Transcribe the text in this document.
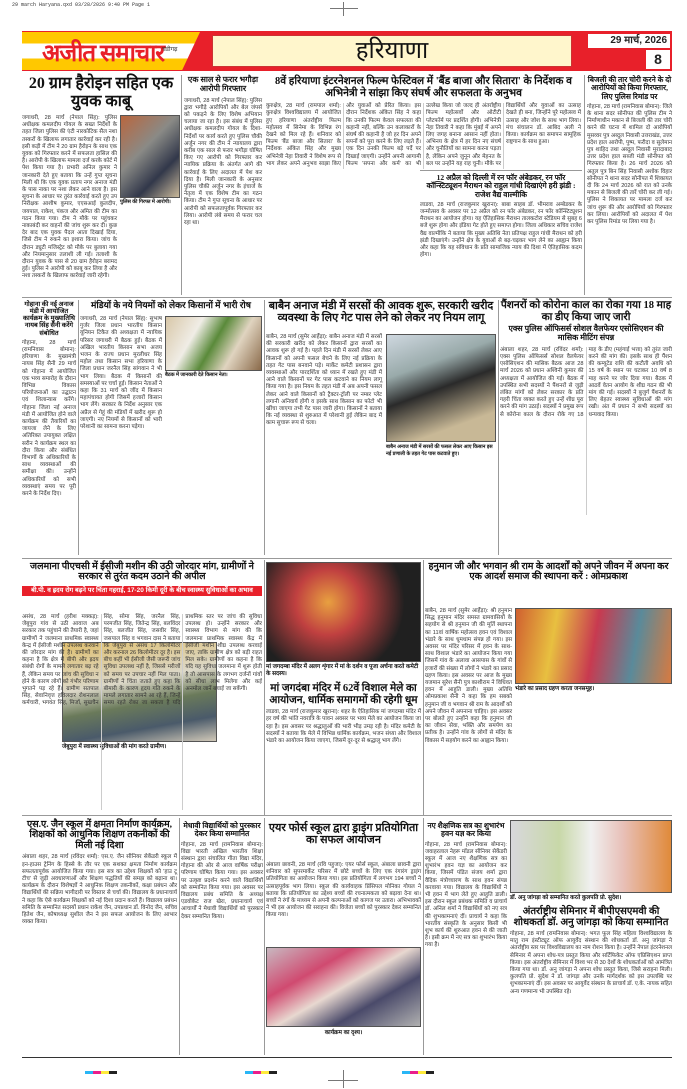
29 march Haryana.qxd 03/28/2026 9:40 PM Page 1
अजीत समाचार
चंडीगढ़	हरियाणा	29 मार्च, 2026
8
20 ग्राम हैरोइन सहित एक युवक काबू
पुलिस की गिरफ्त में आरोपी।
जगाधरी, 28 मार्च (नेपाल सिंह): पुलिस अधीक्षक कमलदीप गोयल के सख्त निर्देशों के तहत जिला पुलिस की एंटी नारकोटिक सैल नशा तस्करों के खिलाफ लगातार कार्रवाई कर रही है। इसी कड़ी में टीम ने 20 ग्राम हैरोइन के साथ एक युवक को गिरफ्तार करने में सफलता हासिल की है। आरोपी के खिलाफ मामला दर्ज करके कोर्ट में पेश किया गया है। प्रभारी अनिल कुमार ने जानकारी देते हुए बताया कि उन्हें गुप्त सूचना मिली थी कि एक युवक प्रताप नगर अनाज मंडी के पास नाका पर नशा लेकर आने वाला है। इस सूचना के आधार पर तुरंत कार्रवाई करते हुए उप निरीक्षक आशीष कुमार, एएसआई कुलदीप, जयपाल, राकेश, पंकज और अमित की टीम का गठन किया गया। टीम ने मौके पर पहुंचकर नाकाबंदी कर वाहनों की जांच शुरू कर दी। कुछ देर बाद एक युवक पैदल आता दिखाई दिया, जिसे टीम ने रुकने का इशारा किया। जांच के दौरान ड्यूटी मजिस्ट्रेट को मौके पर बुलाया गया और नियमानुसार तलाशी ली गई। तलाशी के दौरान युवक के पास से 20 ग्राम हैरोइन बरामद हुई। पुलिस ने आरोपी को काबू कर लिया है और नशा तस्करों के खिलाफ कार्रवाई जारी रहेगी।
एक साल से फरार भगौड़ा आरोपी गिरफ्तार
जगाधरी, 28 मार्च (नेपाल सिंह): पुलिस द्वारा भगौड़े आरोपियों और बेल जंपर्स को पकड़ने के लिए विशेष अभियान चलाया जा रहा है। इस संबंध में पुलिस अधीक्षक कमलदीप गोयल के दिशा-निर्देशों पर कार्य करते हुए पुलिस चौकी अर्जुन नगर की टीम ने न्यायालय द्वारा करीब एक साल से फरार भगौड़ा घोषित किए गए आरोपी को गिरफ्तार कर न्यायिक प्रक्रिया के अंतर्गत आगे की कार्रवाई के लिए अदालत में पेश कर दिया है। मिली जानकारी के अनुसार पुलिस चौकी अर्जुन नगर के इंचार्ज के नेतृत्व में एक विशेष टीम का गठन किया। टीम ने गुप्त सूचना के आधार पर आरोपी को सफलतापूर्वक गिरफ्तार कर लिया। आरोपी लंबे समय से फरार चल रहा था।
8वें हरियाणा इंटरनेशनल फिल्म फेस्टिवल में 'बैंड बाजा और सितारा' के निर्देशक व अभिनेत्री ने सांझा किए संघर्ष और सफलता के अनुभव
कुरुक्षेत्र, 28 मार्च (रामपाल शर्मा): कुरुक्षेत्र विश्वविद्यालय में आयोजित हुए हरियाणा अंतर्राष्ट्रीय फिल्म महोत्सव में सिनेमा के विभिन्न रंग देखने को मिल रहे हैं। शनिवार को फिल्म 'बैंड बाजा और सितारा' के निर्देशक अंकित सिंह और मुख्य अभिनेत्री नेहा तिवारी ने विशेष रूप से भाग लेकर अपने अनुभव साझा किए और युवाओं को प्रेरित किया। इस दौरान निर्देशक अंकित सिंह ने कहा कि उनकी फिल्म केवल सफलता की कहानी नहीं, बल्कि उन कलाकारों के संघर्ष की कहानी है जो हर दिन अपने सपनों को पूरा करने के लिए लड़ते हैं। एक दिन उनकी फिल्म बड़े पर्दे पर दिखाई जाएगी। उन्होंने अपनी आगामी फिल्म 'सपना और कर्म' का भी उल्लेख किया जो जल्द ही अंतर्राष्ट्रीय फिल्म महोत्सवों और ओटीटी प्लेटफॉर्म पर प्रदर्शित होगी। अभिनेत्री नेहा तिवारी ने कहा कि मुंबई में अपने लिए जगह बनाना आसान नहीं होता। अभिनय के क्षेत्र में हर दिन नए संघर्ष और चुनौतियों का सामना करना पड़ता है, लेकिन अपने जुनून और मेहनत के बल पर उन्होंने यह राह चुनी। मौके पर विद्यार्थियों और युवाओं का उत्साह देखते ही बना, जिन्होंने पूरे महोत्सव में उत्साह और जोश के साथ भाग लिया। मंच संचालन डॉ. आबिद अली ने किया। कार्यक्रम का समापन सामूहिक राष्ट्रगान के साथ हुआ।
12 अप्रैल को दिल्ली में रन फॉर अंबेडकर, रन फॉर कॉन्स्टिट्यूशन मैराथन को राहुल गांधी दिखाएंगे हरी झंडी : राजेश वैद्य वाल्मीकि
लाडवा, 28 मार्च (राजकुमार खुराना): बाबा साहब डॉ. भीमराव अम्बेडकर के जन्मोत्सव के अवसर पर 12 अप्रैल को रन फॉर अंबेडकर, रन फॉर कॉन्स्टिट्यूशन मैराथन का आयोजन होगा। यह ऐतिहासिक मैराथन तालकटोरा स्टेडियम से सुबह 6 बजे शुरू होगा और इंडिया गेट होते हुए समाप्त होगा। जिला अधिकार सचिव राजेश वैद्य वाल्मीकि ने बताया कि मुख्य अतिथि नेता प्रतिपक्ष राहुल गांधी मैराथन को हरी झंडी दिखाएंगे। उन्होंने क्षेत्र के युवाओं से बढ़-चढ़कर भाग लेने का आह्वान किया और कहा कि यह संविधान के प्रति सामाजिक न्याय की दिशा में ऐतिहासिक कदम होगा।
बिजली की तार चोरी करने के दो आरोपियों को किया गिरफ्तार, लिए पुलिस रिमांड पर
गोहाना, 28 मार्च (रामनिवास बोमान): जिले के थाना सदर सोनीपत की पुलिस टीम ने निर्माणाधीन मकान से बिजली की तार चोरी करने की घटना में शामिल दो आरोपियों मुसव्वर पुत्र अब्दुल निवासी उत्तराखंड, उत्तर प्रदेश हाल आरोपी, पुष्प, फरीदा व सुलेमान पुत्र शाहिद तथा अब्दुल निवासी मुरादाबाद उत्तर प्रदेश हाल सब्जी मंडी सोनीपत को गिरफ्तार किया है। 26 मार्च 2026 को अतुल पुत्र बिन सिंह निवासी अशोक विहार सोनीपत ने थाना सदर सोनीपत में शिकायत दी कि 24 मार्च 2026 को रात को उनके मकान से बिजली की तारें चोरी कर ली गई। पुलिस ने शिकायत पर मामला दर्ज कर जांच शुरू की और आरोपियों को गिरफ्तार कर लिया। आरोपियों को अदालत में पेश कर पुलिस रिमांड पर लिया गया है।
गोहाना की नई अनाज मंडी में आयोजित कार्यक्रम के मुख्यातिथि नायब सिंह सैनी करेंगे संबोधित
गोहाना, 28 मार्च (रामनिवास बोमान): हरियाणा के मुख्यमंत्री नायब सिंह सैनी 29 मार्च को गोहाना में आयोजित एक भव्य समारोह के दौरान विभिन्न विकास परियोजनाओं का उद्घाटन एवं शिलान्यास करेंगे। गोहाना जिला नई अनाज मंडी में आयोजित होने वाले कार्यक्रम की तैयारियों का जायजा लेने के लिए अतिरिक्त उपायुक्त लक्षित सरीन ने कार्यक्रम स्थल का दौरा किया और संबंधित विभागों के अधिकारियों के साथ व्यवस्थाओं की समीक्षा की। उन्होंने अधिकारियों को सभी व्यवस्थाएं समय पर पूरी करने के निर्देश दिए।
मंडियों के नये नियमों को लेकर किसानों में भारी रोष
बैठक में जानकारी देते किसान नेता।
जगाधरी, 28 मार्च (नेपाल सिंह): सुभाष गुर्जर जिला प्रधान भारतीय किसान यूनियन टिकैत की अध्यक्षता में न्यायिक परिसर जगाधरी में बैठक हुई। बैठक में अखिल भारतीय किसान सभा अजय भजन के राज्य प्रधान मुरलीधर सिंह महोल तथा किसान सभा हरियाणा के जिला प्रधान जरनैल सिंह सांगवान ने भी भाग लिया। बैठक में किसानों की समस्याओं पर चर्चा हुई। किसान नेताओं ने कहा कि 31 मार्च को जींद में किसान महापंचायत होगी जिसमें हजारों किसान भाग लेंगे। सरकार के निर्देश अनुसार एक अप्रैल से गेहूं की मंडियों में खरीद शुरू हो जाएगी। नए नियमों से किसानों को भारी परेशानी का सामना करना पड़ेगा।
बाबैन अनाज मंडी में सरसों की आवक शुरू, सरकारी खरीद व्यवस्था के लिए गेट पास लेने को लेकर नए नियम लागू
बाबैन अनाज मंडी में सरसों की फसल लेकर आए किसान इस नई प्रणाली के तहत गेट पास कटवाते हुए।
बाबैन, 28 मार्च (सुमेर आर्हेड़ा): बाबैन अनाज मंडी में सरसों की सरकारी खरीद को लेकर किसानों द्वारा सरसों का आवक शुरू हो गई है। पहले दिन मंडी में सरसों लेकर आए किसानों को अपनी फसल बेचने के लिए नई प्रक्रिया के तहत गेट पास बनवाने पड़े। मार्केट कमेटी प्रशासन द्वारा व्यवस्थाओं और पारदर्शिता को ध्यान में रखते हुए मंडी में आने वाले किसानों पर गेट पास कटवाने का नियम लागू किया गया है। इस नियम के तहत मंडी में अब अपनी फसल लेकर आने वाले किसानों को ट्रैक्टर-ट्रॉली पर नम्बर प्लेट लगानी अनिवार्य होगी व इसके साथ किसान का फोटो भी खींचा जाएगा तभी गेट पास जारी होगा। किसानों ने बताया कि नई व्यवस्था से शुरुआत में परेशानी हुई लेकिन बाद में काम सुचारू रूप से चला।
पैंशनरों को कोरोना काल का रोका गया 18 माह का डीए किया जाए जारी
एक्स पुलिस ऑफिसर्स सोशल वैलफेयर एसोसिएशन की मासिक मीटिंग संपन्न
अंबाला शहर, 28 मार्च (रविंदर शर्मा): एक्स पुलिस ऑफिसर्स सोशल वैलफेयर एसोसिएशन की मासिक बैठक आज 28 मार्च 2026 को प्रधान अश्विनी कुमार की अध्यक्षता में आयोजित की गई। बैठक में उपस्थित सभी सदस्यों ने पैंशनरों से जुड़ी लंबित मांगों को लेकर सरकार के प्रति गहरी चिंता व्यक्त करते हुए उन्हें शीघ्र पूरा करने की मांग उठाई। सदस्यों ने प्रमुख रूप से कोरोना काल के दौरान रोके गए 18 माह के डीए (महंगाई भत्ता) को तुरंत जारी करने की मांग की। इसके साथ ही पैंशन की कम्यूटेड राशि की कटौती अवधि को 15 वर्ष के स्थान पर घटाकर 10 वर्ष 8 माह करने पर जोर दिया गया। बैठक में आठवें वेतन आयोग के शीघ्र गठन की भी मांग की गई। सदस्यों ने बुजुर्ग पैंशनरों के लिए बेहतर स्वास्थ्य सुविधाओं की मांग रखी। अंत में प्रधान ने सभी सदस्यों का धन्यवाद किया।
जलमाना पीएचसी में ईसीजी मशीन की उठी जोरदार मांग, ग्रामीणों ने सरकार से तुरंत कदम उठाने की अपील
बी.पी. व ह्रदय रोग बढ़ने पर चिंता गहराई, 17-20 किमी दूरी के बीच स्वास्थ्य सुविधाओं का अभाव
जेबुपुरा में स्वास्थ्य सुविधाओं की मांग करते ग्रामीण।
असंध, 28 मार्च (हरीश मक्कड़): जेबुपुरा गांव से उठी आवाज अब सरकार तक पहुंचाने की तैयारी है, जहां ग्रामीणों ने जलमाना प्राथमिक स्वास्थ्य केन्द्र में ईसीजी मशीन उपलब्ध करवाने की जोरदार मांग की है। ग्रामीणों का कहना है कि क्षेत्र में बीपी और ह्रदय संबंधी रोगों के मामले लगातार बढ़ रहे हैं, लेकिन समय पर जांच की सुविधा न होने के कारण लोगों को गंभीर परिणाम भुगतने पड़ रहे हैं। ग्रामीण सतपाल सिंह, सेवानिवृत्त हविलदार रोशनलाल कर्मचारी, भगवंत सिंह, मिर्जा, सुखचैन सिंह, सोमा सिंह, जरनैल सिंह, परमजीत सिंह, जितेन्द्र सिंह, बलविंदर सिंह, बलजीत सिंह, जसवीर सिंह, जसपाल सिंह व भगवान दास ने बताया कि जेबुपुरा से असंध 17 किलोमीटर और करनाल 26 किलोमीटर दूर है। इस बीच कहीं भी ईसीजी जैसी जरूरी जांच सुविधा उपलब्ध नहीं है, जिससे मरीजों को समय पर उपचार नहीं मिल पाता। ग्रामीणों ने चिंता जताते हुए कहा कि बीमारी के कारण हृदय गति रुकने के मामले लगातार सामने आ रहे हैं, जिन्हें समय रहते रोका जा सकता है यदि प्राथमिक स्तर पर जांच की सुविधा उपलब्ध हो। उन्होंने सरकार और स्वास्थ्य विभाग से मांग की कि जलमाना प्राथमिक स्वास्थ्य केंद्र में ईसीजी मशीन शीघ्र उपलब्ध करवाई जाए, ताकि ग्रामीण क्षेत्र को बड़ी राहत मिल सके। ग्रामीणों का कहना है कि यदि यह सुविधा जलमाना में शुरू होती है तो आसपास के लगभग दर्जनों गांवों को सीधा लाभ मिलेगा और कई अनमोल जानें बचाई जा सकेंगी।
मां जगदम्बा मंदिर में अलग शृंगार में मां के दर्शन व पूजा अर्चना करते कमेटी के सदस्य।
मां जगदंबा मंदिर में 62वें विशाल मेले का आयोजन, धार्मिक समागमों की रहेगी धूम
लाडवा, 28 मार्च (राजकुमार खुराना): शहर के ऐतिहासिक मां जगदम्बा मंदिर में हर वर्ष की भांति नवरात्रि के पावन अवसर पर भव्य मेले का आयोजन किया जा रहा है। इस अवसर पर श्रद्धालुओं की भारी भीड़ उमड़ रही है। मंदिर कमेटी के सदस्यों ने बताया कि मेले में विभिन्न धार्मिक कार्यक्रम, भजन संध्या और विशाल भंडारे का आयोजन किया जाएगा, जिसमें दूर-दूर से श्रद्धालु भाग लेंगे।
हनुमान जी और भगवान श्री राम के आदर्शों को अपने जीवन में अपना कर एक आदर्श समाज की स्थापना करें : ओमप्रकाश
भंडारे का प्रसाद ग्रहण करता जनसमूह।
बाबैन, 28 मार्च (सुमेर आर्हेड़ा): श्री हनुमान सिद्ध हनुमान मंदिर समस्त ग्रामवासियों के सहयोग से श्री हनुमान जी की मूर्ति स्थापना का 11वां वार्षिक महोत्सव हवन एवं विशाल भंडारे के साथ धूमधाम संपन्न हो गया। इस अवसर पर मंदिर परिसर में हवन के साथ-साथ विशाल भंडारे का आयोजन किया गया जिसमें गांव के अलावा आसपास के गांवों से हजारों की संख्या में लोगों ने भंडारे का प्रसाद ग्रहण किया। इस अवसर पर आज के मुख्य यजमान सुरेश सैनी पुत्र काशीराम ने विधिवत हवन में आहुति डाली। मुख्य अतिथि ओमप्रकाश सैनी ने कहा कि हम सबको हनुमान जी व भगवान श्री राम के आदर्शों को अपने जीवन में अपनाना चाहिए। इस अवसर पर बोलते हुए उन्होंने कहा कि हनुमान जी का जीवन सेवा, भक्ति और समर्पण का प्रतीक है। उन्होंने गांव के लोगों से मंदिर के विकास में सहयोग करने का आह्वान किया।
एस.ए. जैन स्कूल में क्षमता निर्माण कार्यक्रम, शिक्षकों को आधुनिक शिक्षण तकनीकों की मिली नई दिशा
अंबाला शहर, 28 मार्च (रविंदर शर्मा): एस.ए. जैन सीनियर सेकेंडरी स्कूल में इन-हाउस ट्रेनिंग के हिस्से के तौर पर एक सशक्त क्षमता निर्माण कार्यक्रम सफलतापूर्वक आयोजित किया गया। इस सत्र का उद्देश्य शिक्षकों को 'हाउ टू टीच' से जुड़ी अवधारणाओं और शिक्षण पद्धतियों की समझ को बढ़ाना था। कार्यक्रम के दौरान विशेषज्ञों ने आधुनिक शिक्षण तकनीकों, कक्षा प्रबंधन और विद्यार्थियों की सक्रिय भागीदारी पर विस्तार से चर्चा की। विद्यालय के प्रधानाचार्य ने कहा कि ऐसे कार्यक्रम शिक्षकों को नई दिशा प्रदान करते हैं। विद्यालय प्रबंधन समिति के सम्मानित सदस्यों प्रधान राकेश जैन, उपप्रधान डॉ. विनोद जैन, सचिव हितेश जैन, कोषाध्यक्ष सुशील जैन ने इस सफल आयोजन के लिए आभार व्यक्त किया।
मेधावी विद्यार्थियों को पुरस्कार देकर किया सम्मानित
गोहाना, 28 मार्च (रामनिवास बोमान): विद्या भारती अखिल भारतीय शिक्षा संस्थान द्वारा संचालित गीता विद्या मंदिर, गोहाना की ओर से आज वार्षिक परीक्षा परिणाम घोषित किया गया। इस अवसर पर उत्कृष्ट प्रदर्शन करने वाले विद्यार्थियों को सम्मानित किया गया। इस अवसर पर विद्यालय प्रबंध समिति के अध्यक्ष एडवोकेट राज खेरा, प्रधानाचार्य एवं आचार्यों ने मेधावी विद्यार्थियों को पुरस्कार देकर सम्मानित किया।
एयर फोर्स स्कूल द्वारा ड्राइंग प्रतियोगिता का सफल आयोजन
कार्यक्रम का दृश्य।
अंबाला छावनी, 28 मार्च (रवि पहुजा): एयर फोर्स स्कूल, अंबाला छावनी द्वारा शनिवार को सुपरमार्केट परिसर में छोटे बच्चों के लिए एक रंगारंग ड्राइंग प्रतियोगिता का आयोजन किया गया। इस प्रतियोगिता में लगभग 194 बच्चों ने उत्साहपूर्वक भाग लिया। स्कूल की कार्यवाहक प्रिंसिपल मोनिका गोयल ने बताया कि प्रतियोगिता का उद्देश्य बच्चों की रचनात्मकता को बढ़ावा देना था। बच्चों ने रंगों के माध्यम से अपनी कल्पनाओं को कागज पर उतारा। अभिभावकों ने भी इस आयोजन की सराहना की। विजेता बच्चों को पुरस्कार देकर सम्मानित किया गया।
नए शैक्षणिक सत्र का शुभारंभ हवन यज्ञ कर किया
गोहाना, 28 मार्च (रामनिवास बोमान): जवाहरलाल नेहरू मॉडल सीनियर सेकेंडरी स्कूल में आज नए शैक्षणिक सत्र का शुभारंभ हवन यज्ञ का आयोजन कर किया, जिसमें पंडित संजय शर्मा द्वारा वैदिक मंत्रोच्चारण के साथ हवन संपन्न करवाया गया। विद्यालय के विद्यार्थियों ने भी हवन में भाग लेते हुए आहुति डाली। इस दौरान स्कूल प्रबंधक समिति व प्राचार्य डॉ. अनिल शर्मा ने विद्यार्थियों को नए सत्र की शुभकामनाएं दीं। प्राचार्य ने कहा कि भारतीय संस्कृति के अनुसार किसी भी शुभ कार्य की शुरुआत हवन से की जाती है। इसी क्रम में नए सत्र का शुभारंभ किया गया है।
डॉ. अनु जांगड़ा को सम्मानित करते कुलपति प्रो. सुदेश।
अंतर्राष्ट्रीय सेमिनार में बीपीएसएमवी की शोधकर्ता डॉ. अनु जांगड़ा को किया सम्मानित
गोहाना, 28 मार्च (रामनिवास बोमान): भगत फूल सिंह महिला विश्वविद्यालय के मातु राम इंस्टीट्यूट ऑफ आयुर्वेद संस्थान की शोधकर्ता डॉ. अनु जांगड़ा ने अंतर्राष्ट्रीय स्तर पर विश्वविद्यालय का नाम रोशन किया है। उन्होंने नेपाल इंटरनेशनल सेमिनार में अपना शोध-पत्र प्रस्तुत किया और सर्टिफिकेट ऑफ एप्रिसिएशन प्राप्त किया। इस अंतर्राष्ट्रीय सेमिनार में विश्व भर से 30 देशों के शोधकर्ताओं को आमंत्रित किया गया था। डॉ. अनु जांगड़ा ने अपना शोध प्रस्तुत किया, जिसे सराहना मिली। कुलपति प्रो. सुदेश ने डॉ. जांगड़ा और उनके मार्गदर्शक को इस उपलब्धि पर शुभकामनाएं दीं। इस अवसर पर आयुर्वेद संस्थान के प्राचार्य डॉ. ए.के. नायक सहित अन्य गणमान्य भी उपस्थित रहे।
